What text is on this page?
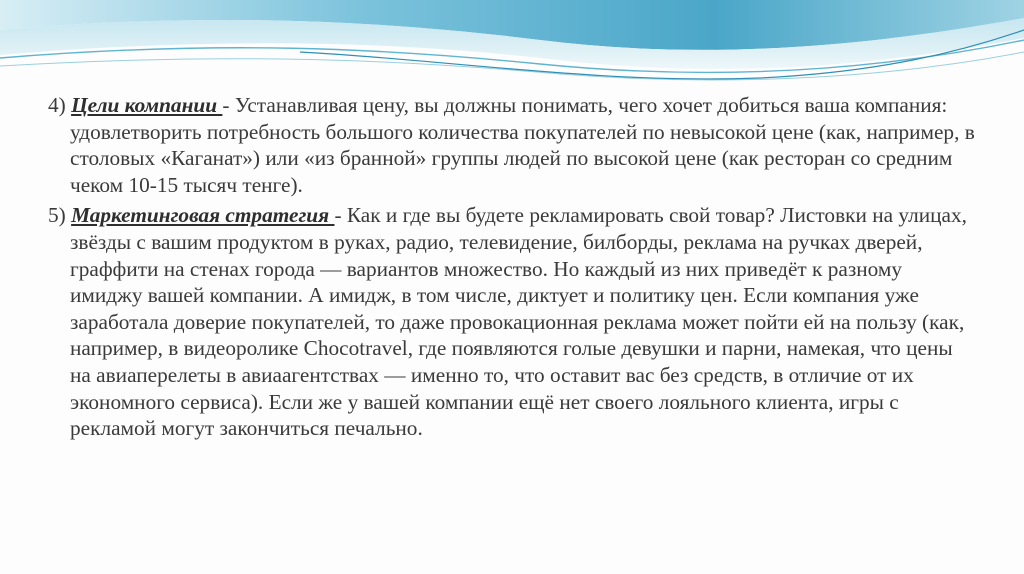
4) Цели компании - Устанавливая цену, вы должны понимать, чего хочет добиться ваша компания: удовлетворить потребность большого количества покупателей по невысокой цене (как, например, в столовых «Каганат») или «из бранной» группы людей по высокой цене (как ресторан со средним чеком 10-15 тысяч тенге).

5) Маркетинговая стратегия - Как и где вы будете рекламировать свой товар? Листовки на улицах, звёзды с вашим продуктом в руках, радио, телевидение, билборды, реклама на ручках дверей, граффити на стенах города — вариантов множество. Но каждый из них приведёт к разному имиджу вашей компании. А имидж, в том числе, диктует и политику цен. Если компания уже заработала доверие покупателей, то даже провокационная реклама может пойти ей на пользу (как, например, в видеоролике Chocotravel, где появляются голые девушки и парни, намекая, что цены на авиаперелеты в авиаагентствах — именно то, что оставит вас без средств, в отличие от их экономного сервиса). Если же у вашей компании ещё нет своего лояльного клиента, игры с рекламой могут закончиться печально.
